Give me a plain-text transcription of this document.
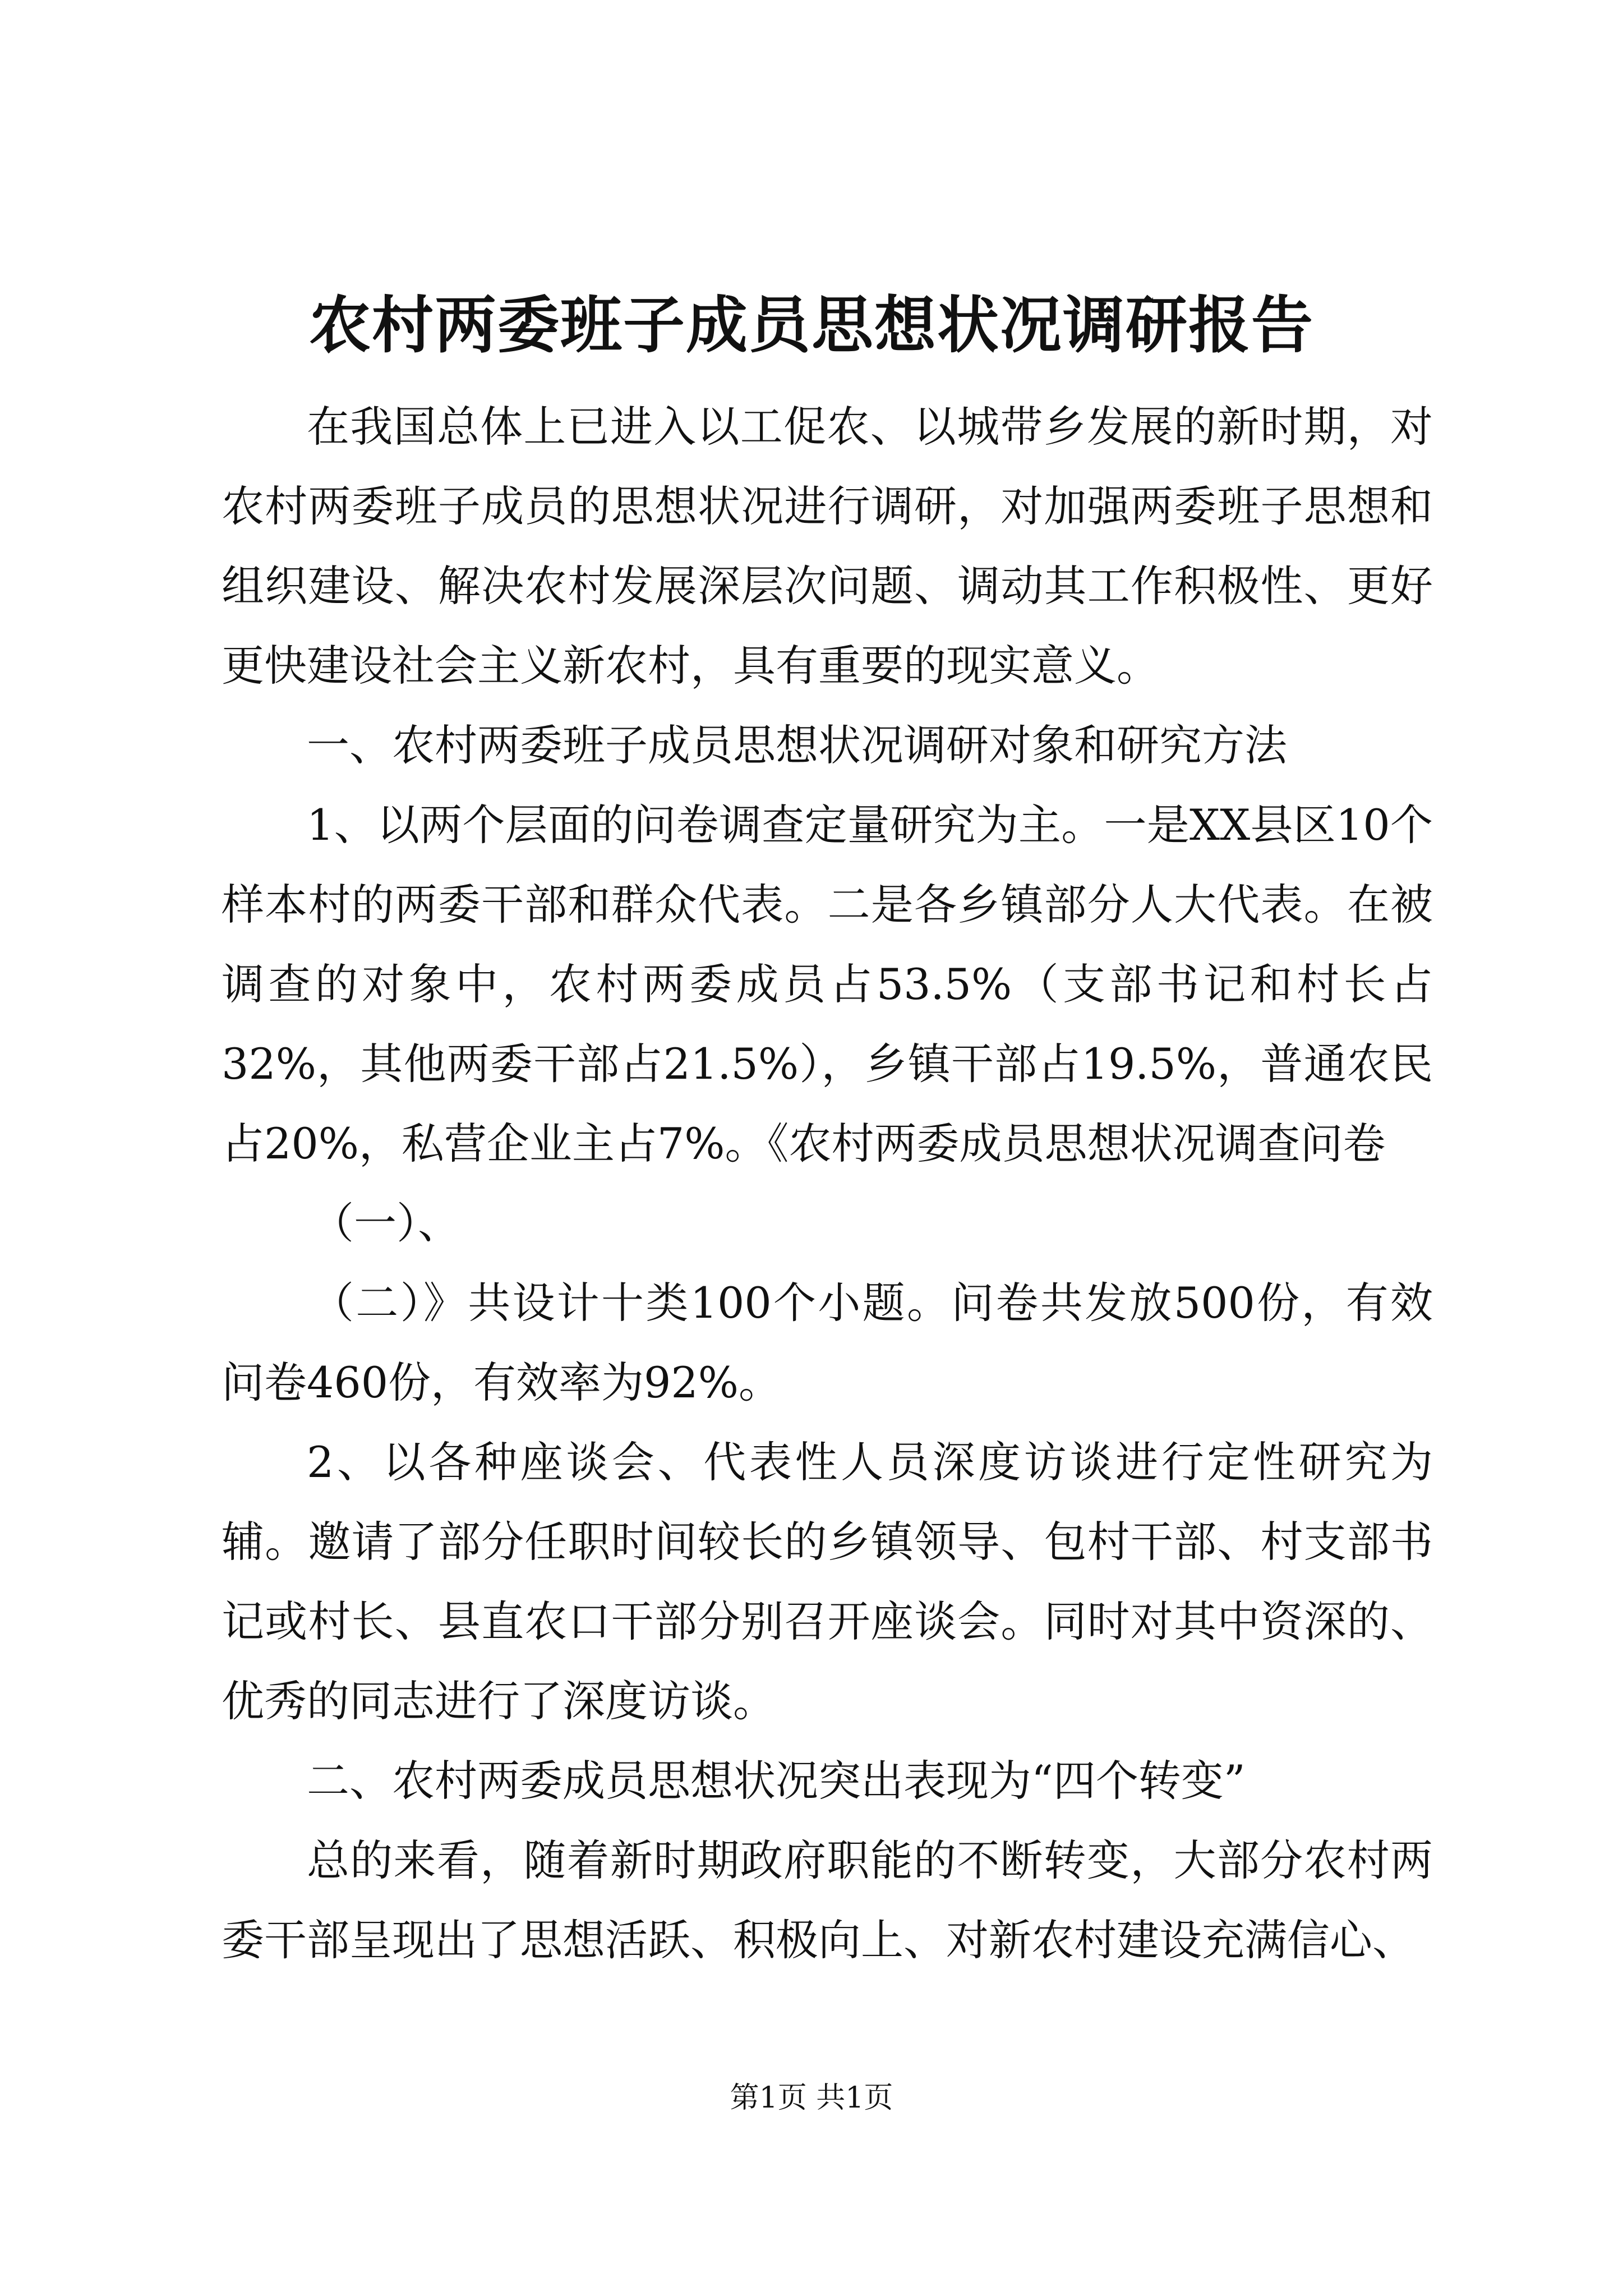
农村两委班子成员思想状况调研报告

在我国总体上已进入以工促农、以城带乡发展的新时期，对农村两委班子成员的思想状况进行调研，对加强两委班子思想和组织建设、解决农村发展深层次问题、调动其工作积极性、更好更快建设社会主义新农村，具有重要的现实意义。

一、农村两委班子成员思想状况调研对象和研究方法

1、以两个层面的问卷调查定量研究为主。一是XX县区10个样本村的两委干部和群众代表。二是各乡镇部分人大代表。在被调查的对象中，农村两委成员占53.5%（支部书记和村长占32%，其他两委干部占21.5%），乡镇干部占19.5%，普通农民占20%，私营企业主占7%。《农村两委成员思想状况调查问卷

（一）、

（二）》共设计十类100个小题。问卷共发放500份，有效问卷460份，有效率为92%。

2、以各种座谈会、代表性人员深度访谈进行定性研究为辅。邀请了部分任职时间较长的乡镇领导、包村干部、村支部书记或村长、县直农口干部分别召开座谈会。同时对其中资深的、优秀的同志进行了深度访谈。

二、农村两委成员思想状况突出表现为“四个转变”

总的来看，随着新时期政府职能的不断转变，大部分农村两委干部呈现出了思想活跃、积极向上、对新农村建设充满信心、

第1页 共1页
